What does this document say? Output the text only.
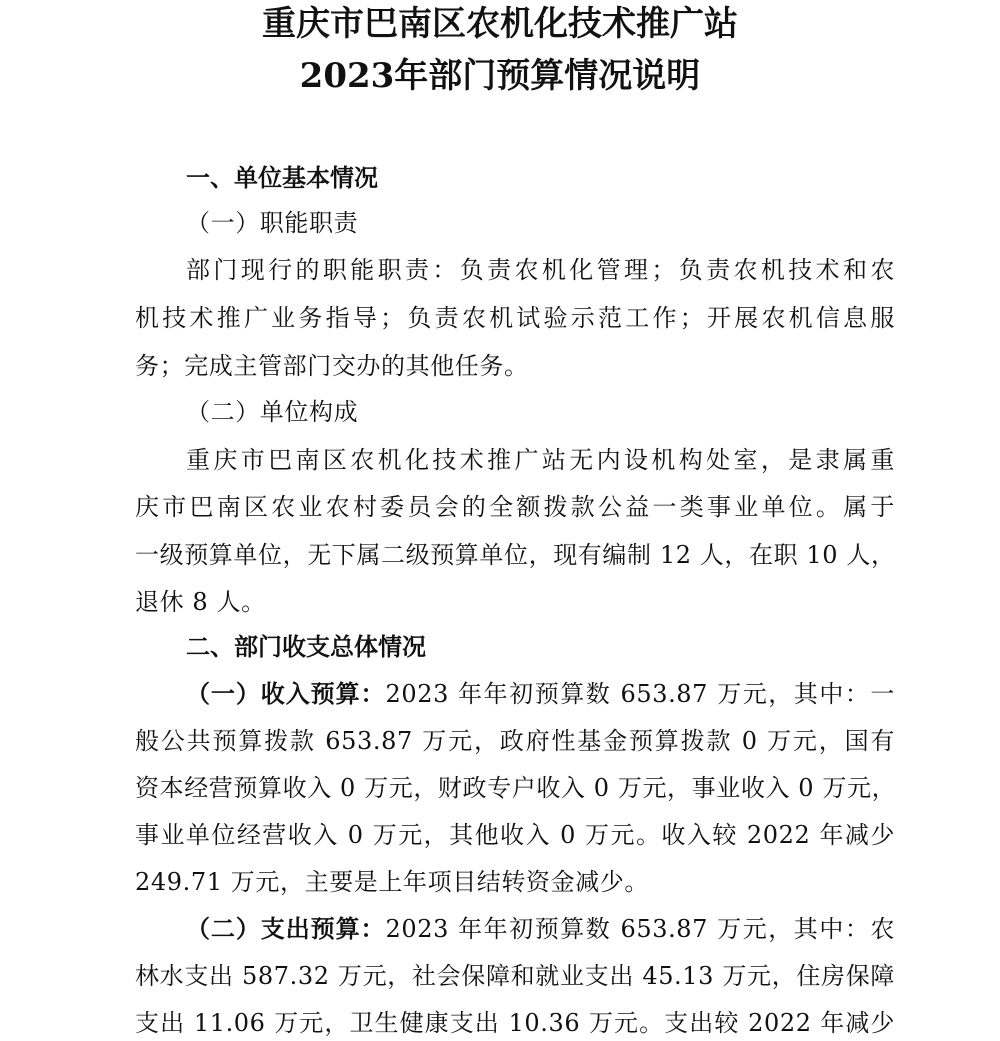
重庆市巴南区农机化技术推广站
2023年部门预算情况说明
一、单位基本情况
（一）职能职责
部门现行的职能职责：负责农机化管理；负责农机技术和农
机技术推广业务指导；负责农机试验示范工作；开展农机信息服
务；完成主管部门交办的其他任务。
（二）单位构成
重庆市巴南区农机化技术推广站无内设机构处室，是隶属重
庆市巴南区农业农村委员会的全额拨款公益一类事业单位。属于
一级预算单位，无下属二级预算单位，现有编制 12 人，在职 10 人，
退休 8 人。
二、部门收支总体情况
（一）收入预算：2023 年年初预算数 653.87 万元，其中：一
般公共预算拨款 653.87 万元，政府性基金预算拨款 0 万元，国有
资本经营预算收入 0 万元，财政专户收入 0 万元，事业收入 0 万元，
事业单位经营收入 0 万元，其他收入 0 万元。收入较 2022 年减少
249.71 万元，主要是上年项目结转资金减少。
（二）支出预算：2023 年年初预算数 653.87 万元，其中：农
林水支出 587.32 万元，社会保障和就业支出 45.13 万元，住房保障
支出 11.06 万元，卫生健康支出 10.36 万元。支出较 2022 年减少
